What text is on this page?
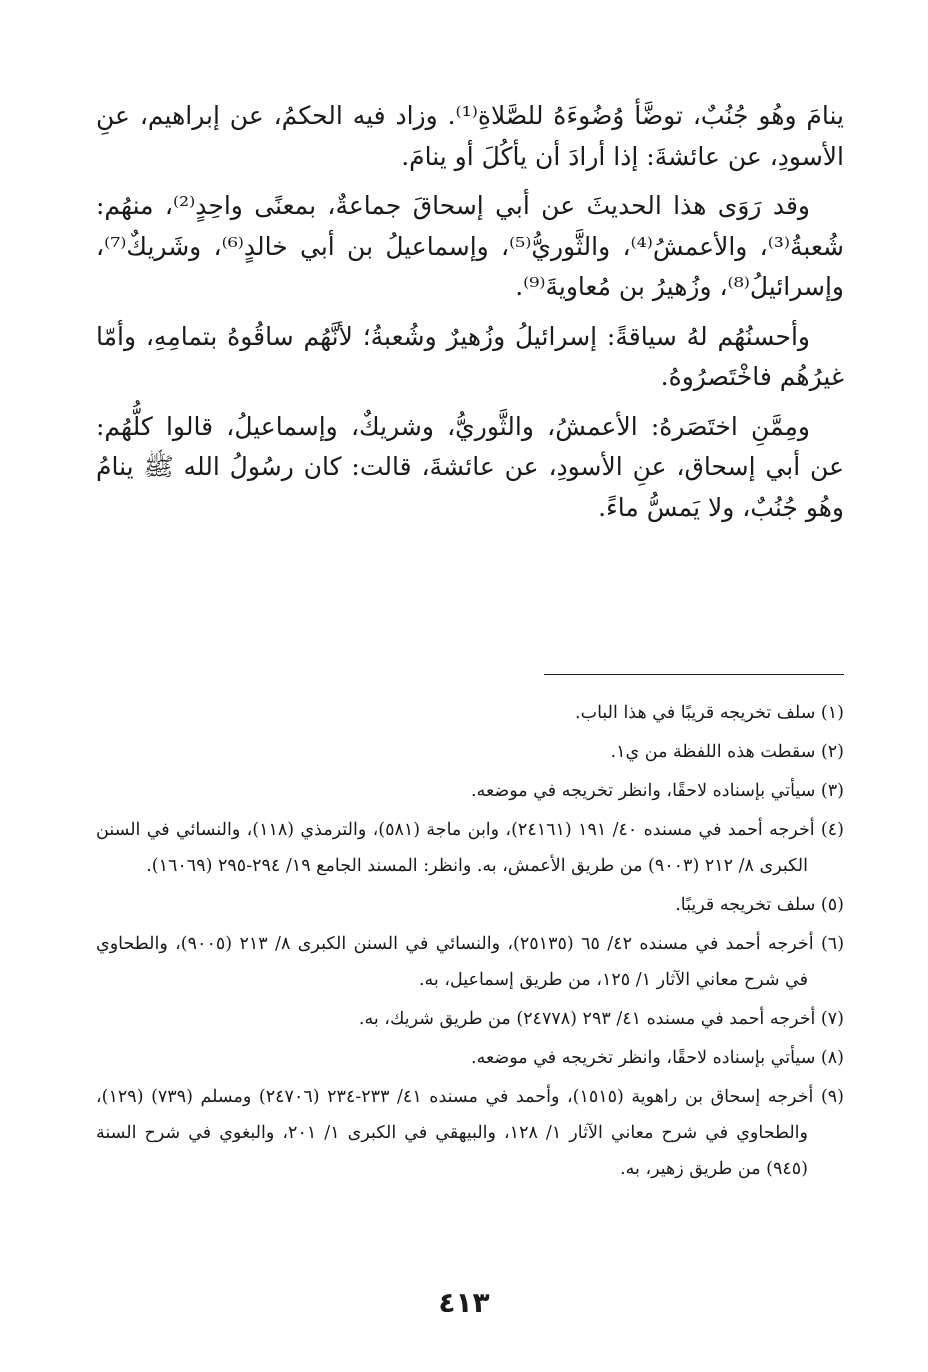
ينامَ وهُو جُنُبٌ، توضَّأ وُضُوءَهُ للصَّلاةِ⁽¹⁾. وزاد فيه الحكمُ، عن إبراهيم، عنِ الأسودِ، عن عائشةَ: إذا أرادَ أن يأكُلَ أو ينامَ.

وقد رَوَى هذا الحديثَ عن أبي إسحاقَ جماعةٌ، بمعنًى واحِدٍ⁽²⁾، منهُم: شُعبةُ⁽³⁾، والأعمشُ⁽⁴⁾، والثَّوريُّ⁽⁵⁾، وإسماعيلُ بن أبي خالدٍ⁽⁶⁾، وشَريكٌ⁽⁷⁾، وإسرائيلُ⁽⁸⁾، وزُهيرُ بن مُعاويةَ⁽⁹⁾.

وأحسنُهُم لهُ سياقةً: إسرائيلُ وزُهيرٌ وشُعبةُ؛ لأنَّهُم ساقُوهُ بتمامِهِ، وأمّا غيرُهُم فاخْتَصرُوهُ.

ومِمَّنِ اختَصَرهُ: الأعمشُ، والثَّوريُّ، وشريكٌ، وإسماعيلُ، قالوا كلُّهُم: عن أبي إسحاق، عنِ الأسودِ، عن عائشةَ، قالت: كان رسُولُ الله ﷺ ينامُ وهُو جُنُبٌ، ولا يَمسُّ ماءً.

(١) سلف تخريجه قريبًا في هذا الباب.

(٢) سقطت هذه اللفظة من ي١.

(٣) سيأتي بإسناده لاحقًا، وانظر تخريجه في موضعه.

(٤) أخرجه أحمد في مسنده ٤٠/ ١٩١ (٢٤١٦١)، وابن ماجة (٥٨١)، والترمذي (١١٨)، والنسائي في السنن الكبرى ٨/ ٢١٢ (٩٠٠٣) من طريق الأعمش، به. وانظر: المسند الجامع ١٩/ ٢٩٤-٢٩٥ (١٦٠٦٩).

(٥) سلف تخريجه قريبًا.

(٦) أخرجه أحمد في مسنده ٤٢/ ٦٥ (٢٥١٣٥)، والنسائي في السنن الكبرى ٨/ ٢١٣ (٩٠٠٥)، والطحاوي في شرح معاني الآثار ١/ ١٢٥، من طريق إسماعيل، به.

(٧) أخرجه أحمد في مسنده ٤١/ ٢٩٣ (٢٤٧٧٨) من طريق شريك، به.

(٨) سيأتي بإسناده لاحقًا، وانظر تخريجه في موضعه.

(٩) أخرجه إسحاق بن راهوية (١٥١٥)، وأحمد في مسنده ٤١/ ٢٣٣-٢٣٤ (٢٤٧٠٦) ومسلم (٧٣٩) (١٢٩)، والطحاوي في شرح معاني الآثار ١/ ١٢٨، والبيهقي في الكبرى ١/ ٢٠١، والبغوي في شرح السنة (٩٤٥) من طريق زهير، به.

٤١٣
